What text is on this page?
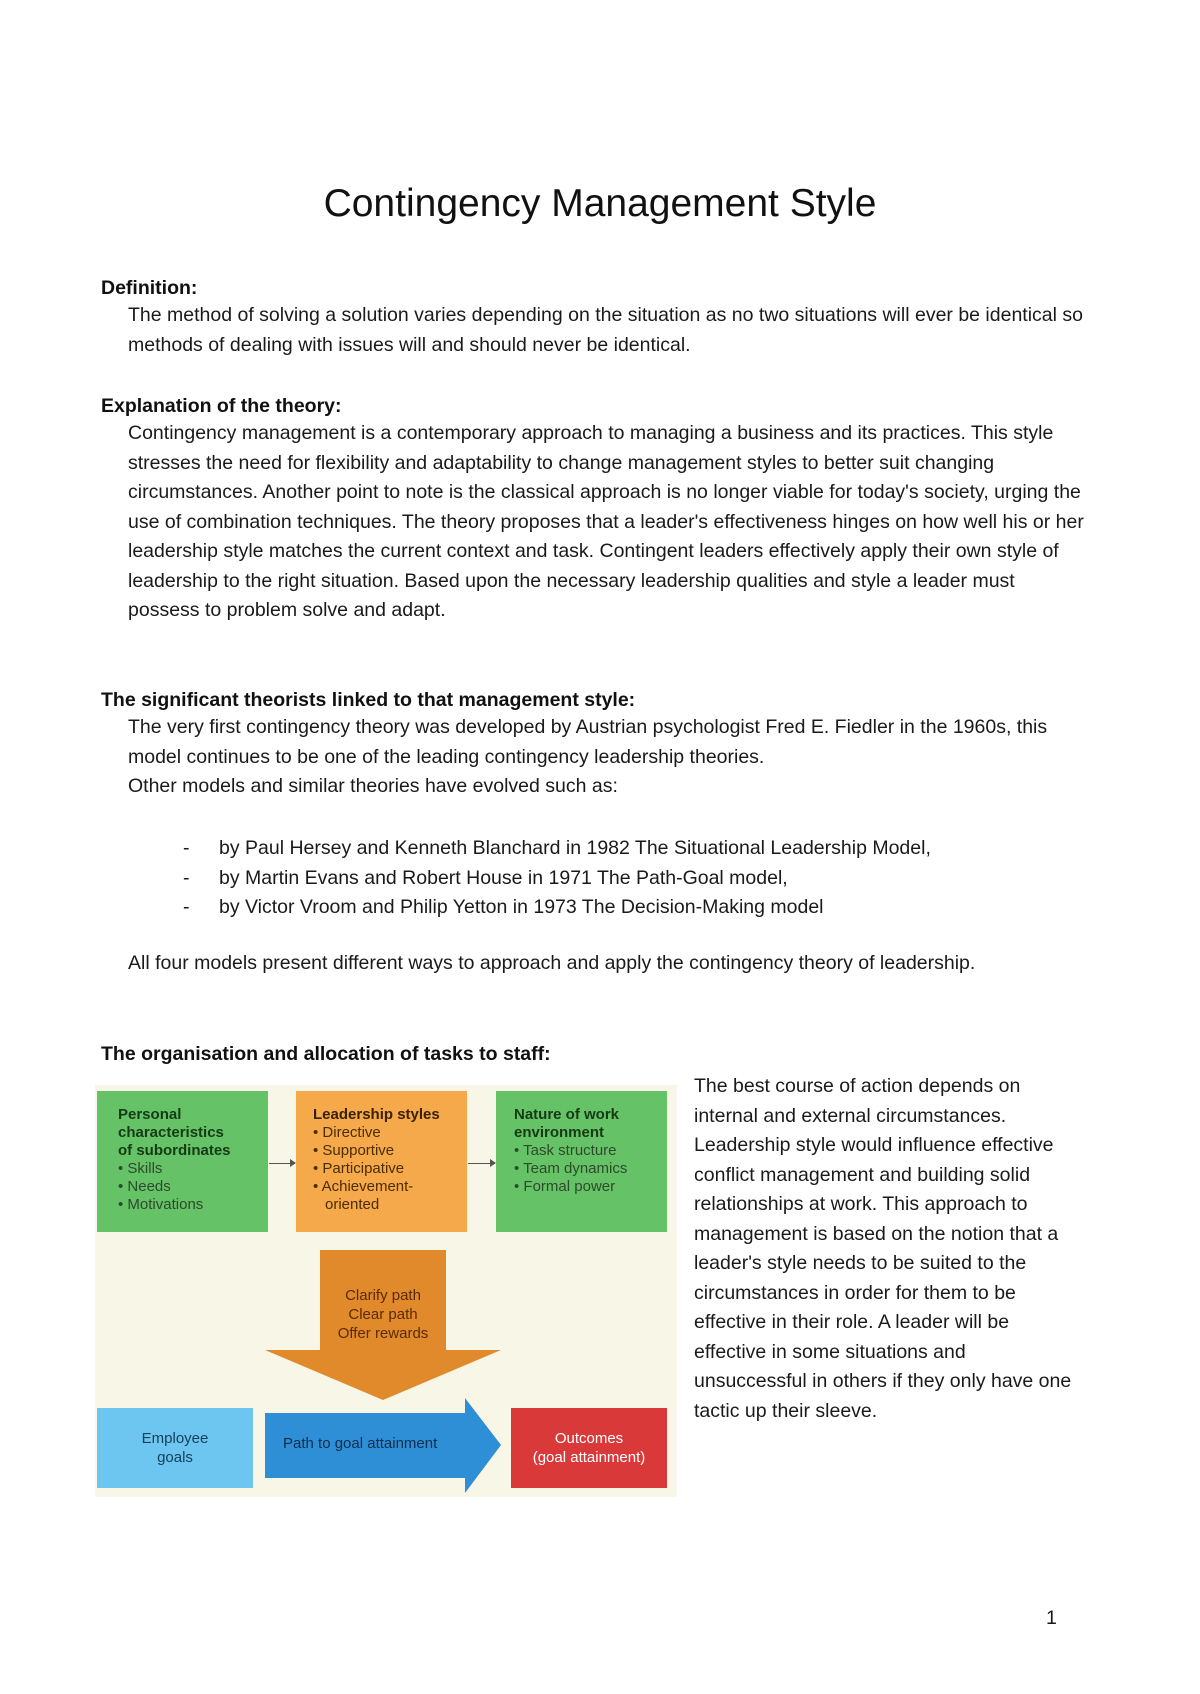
Contingency Management Style
Definition:

The method of solving a solution varies depending on the situation as no two situations will ever be identical so methods of dealing with issues will and should never be identical.

Explanation of the theory:

Contingency management is a contemporary approach to managing a business and its practices. This style stresses the need for flexibility and adaptability to change management styles to better suit changing circumstances. Another point to note is the classical approach is no longer viable for today's society, urging the use of combination techniques. The theory proposes that a leader's effectiveness hinges on how well his or her leadership style matches the current context and task. Contingent leaders effectively apply their own style of leadership to the right situation. Based upon the necessary leadership qualities and style a leader must possess to problem solve and adapt.

The significant theorists linked to that management style:

The very first contingency theory was developed by Austrian psychologist Fred E. Fiedler in the 1960s, this model continues to be one of the leading contingency leadership theories.

Other models and similar theories have evolved such as:

- by Paul Hersey and Kenneth Blanchard in 1982 The Situational Leadership Model,
- by Martin Evans and Robert House in 1971 The Path-Goal model,
- by Victor Vroom and Philip Yetton in 1973 The Decision-Making model

All four models present different ways to approach and apply the contingency theory of leadership.

The organisation and allocation of tasks to staff:
Personal
characteristics
of subordinates
• Skills
• Needs
• Motivations
Leadership styles
• Directive
• Supportive
• Participative
• Achievement-
oriented
Nature of work
environment
• Task structure
• Team dynamics
• Formal power
Clarify path
Clear path
Offer rewards
Employee
goals
Path to goal attainment	Outcomes
(goal attainment)

The best course of action depends on internal and external circumstances. Leadership style would influence effective conflict management and building solid relationships at work. This approach to management is based on the notion that a leader's style needs to be suited to the circumstances in order for them to be effective in their role. A leader will be effective in some situations and unsuccessful in others if they only have one tactic up their sleeve.

1
